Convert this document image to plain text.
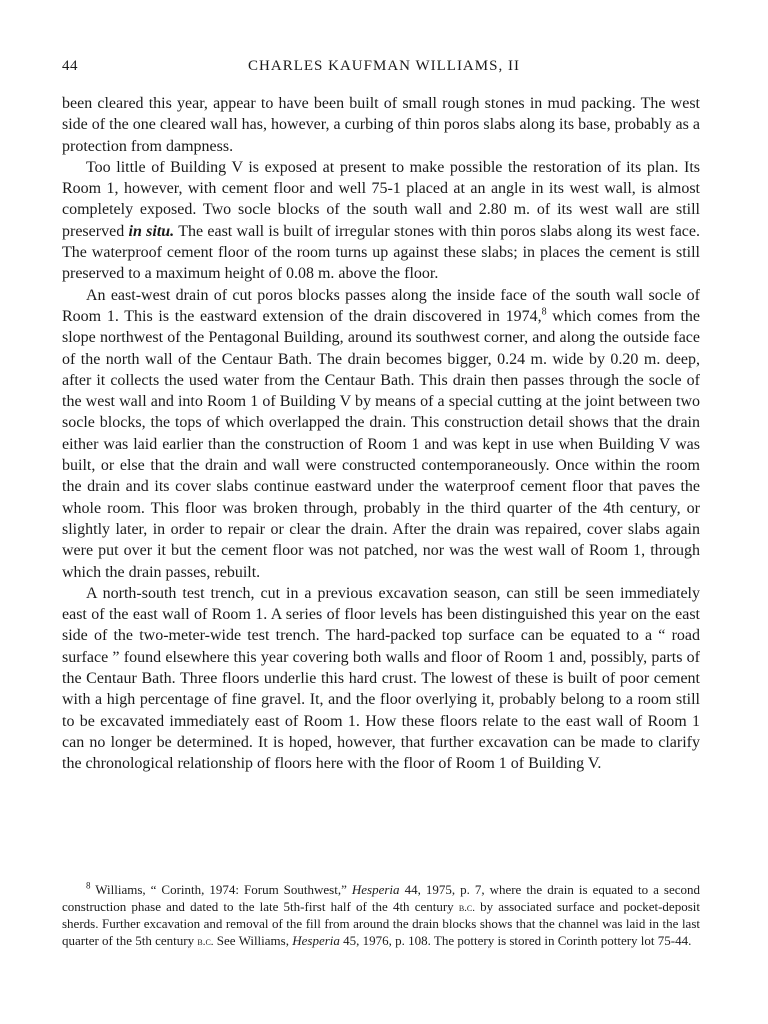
44	CHARLES KAUFMAN WILLIAMS, II

been cleared this year, appear to have been built of small rough stones in mud packing. The west side of the one cleared wall has, however, a curbing of thin poros slabs along its base, probably as a protection from dampness.

Too little of Building V is exposed at present to make possible the restoration of its plan. Its Room 1, however, with cement floor and well 75-1 placed at an angle in its west wall, is almost completely exposed. Two socle blocks of the south wall and 2.80 m. of its west wall are still preserved in situ. The east wall is built of irregular stones with thin poros slabs along its west face. The waterproof cement floor of the room turns up against these slabs; in places the cement is still preserved to a maximum height of 0.08 m. above the floor.

An east-west drain of cut poros blocks passes along the inside face of the south wall socle of Room 1. This is the eastward extension of the drain discovered in 1974,$^8$ which comes from the slope northwest of the Pentagonal Building, around its southwest corner, and along the outside face of the north wall of the Centaur Bath. The drain becomes bigger, 0.24 m. wide by 0.20 m. deep, after it collects the used water from the Centaur Bath. This drain then passes through the socle of the west wall and into Room 1 of Building V by means of a special cutting at the joint between two socle blocks, the tops of which overlapped the drain. This construction detail shows that the drain either was laid earlier than the construction of Room 1 and was kept in use when Building V was built, or else that the drain and wall were constructed contemporaneously. Once within the room the drain and its cover slabs continue eastward under the waterproof cement floor that paves the whole room. This floor was broken through, probably in the third quarter of the 4th century, or slightly later, in order to repair or clear the drain. After the drain was repaired, cover slabs again were put over it but the cement floor was not patched, nor was the west wall of Room 1, through which the drain passes, rebuilt.

A north-south test trench, cut in a previous excavation season, can still be seen immediately east of the east wall of Room 1. A series of floor levels has been distinguished this year on the east side of the two-meter-wide test trench. The hard-packed top surface can be equated to a “ road surface ” found elsewhere this year covering both walls and floor of Room 1 and, possibly, parts of the Centaur Bath. Three floors underlie this hard crust. The lowest of these is built of poor cement with a high percentage of fine gravel. It, and the floor overlying it, probably belong to a room still to be excavated immediately east of Room 1. How these floors relate to the east wall of Room 1 can no longer be determined. It is hoped, however, that further excavation can be made to clarify the chronological relationship of floors here with the floor of Room 1 of Building V.

$^8$ Williams, “ Corinth, 1974: Forum Southwest,” Hesperia 44, 1975, p. 7, where the drain is equated to a second construction phase and dated to the late 5th-first half of the 4th century b.c. by associated surface and pocket-deposit sherds. Further excavation and removal of the fill from around the drain blocks shows that the channel was laid in the last quarter of the 5th century b.c. See Williams, Hesperia 45, 1976, p. 108. The pottery is stored in Corinth pottery lot 75-44.
